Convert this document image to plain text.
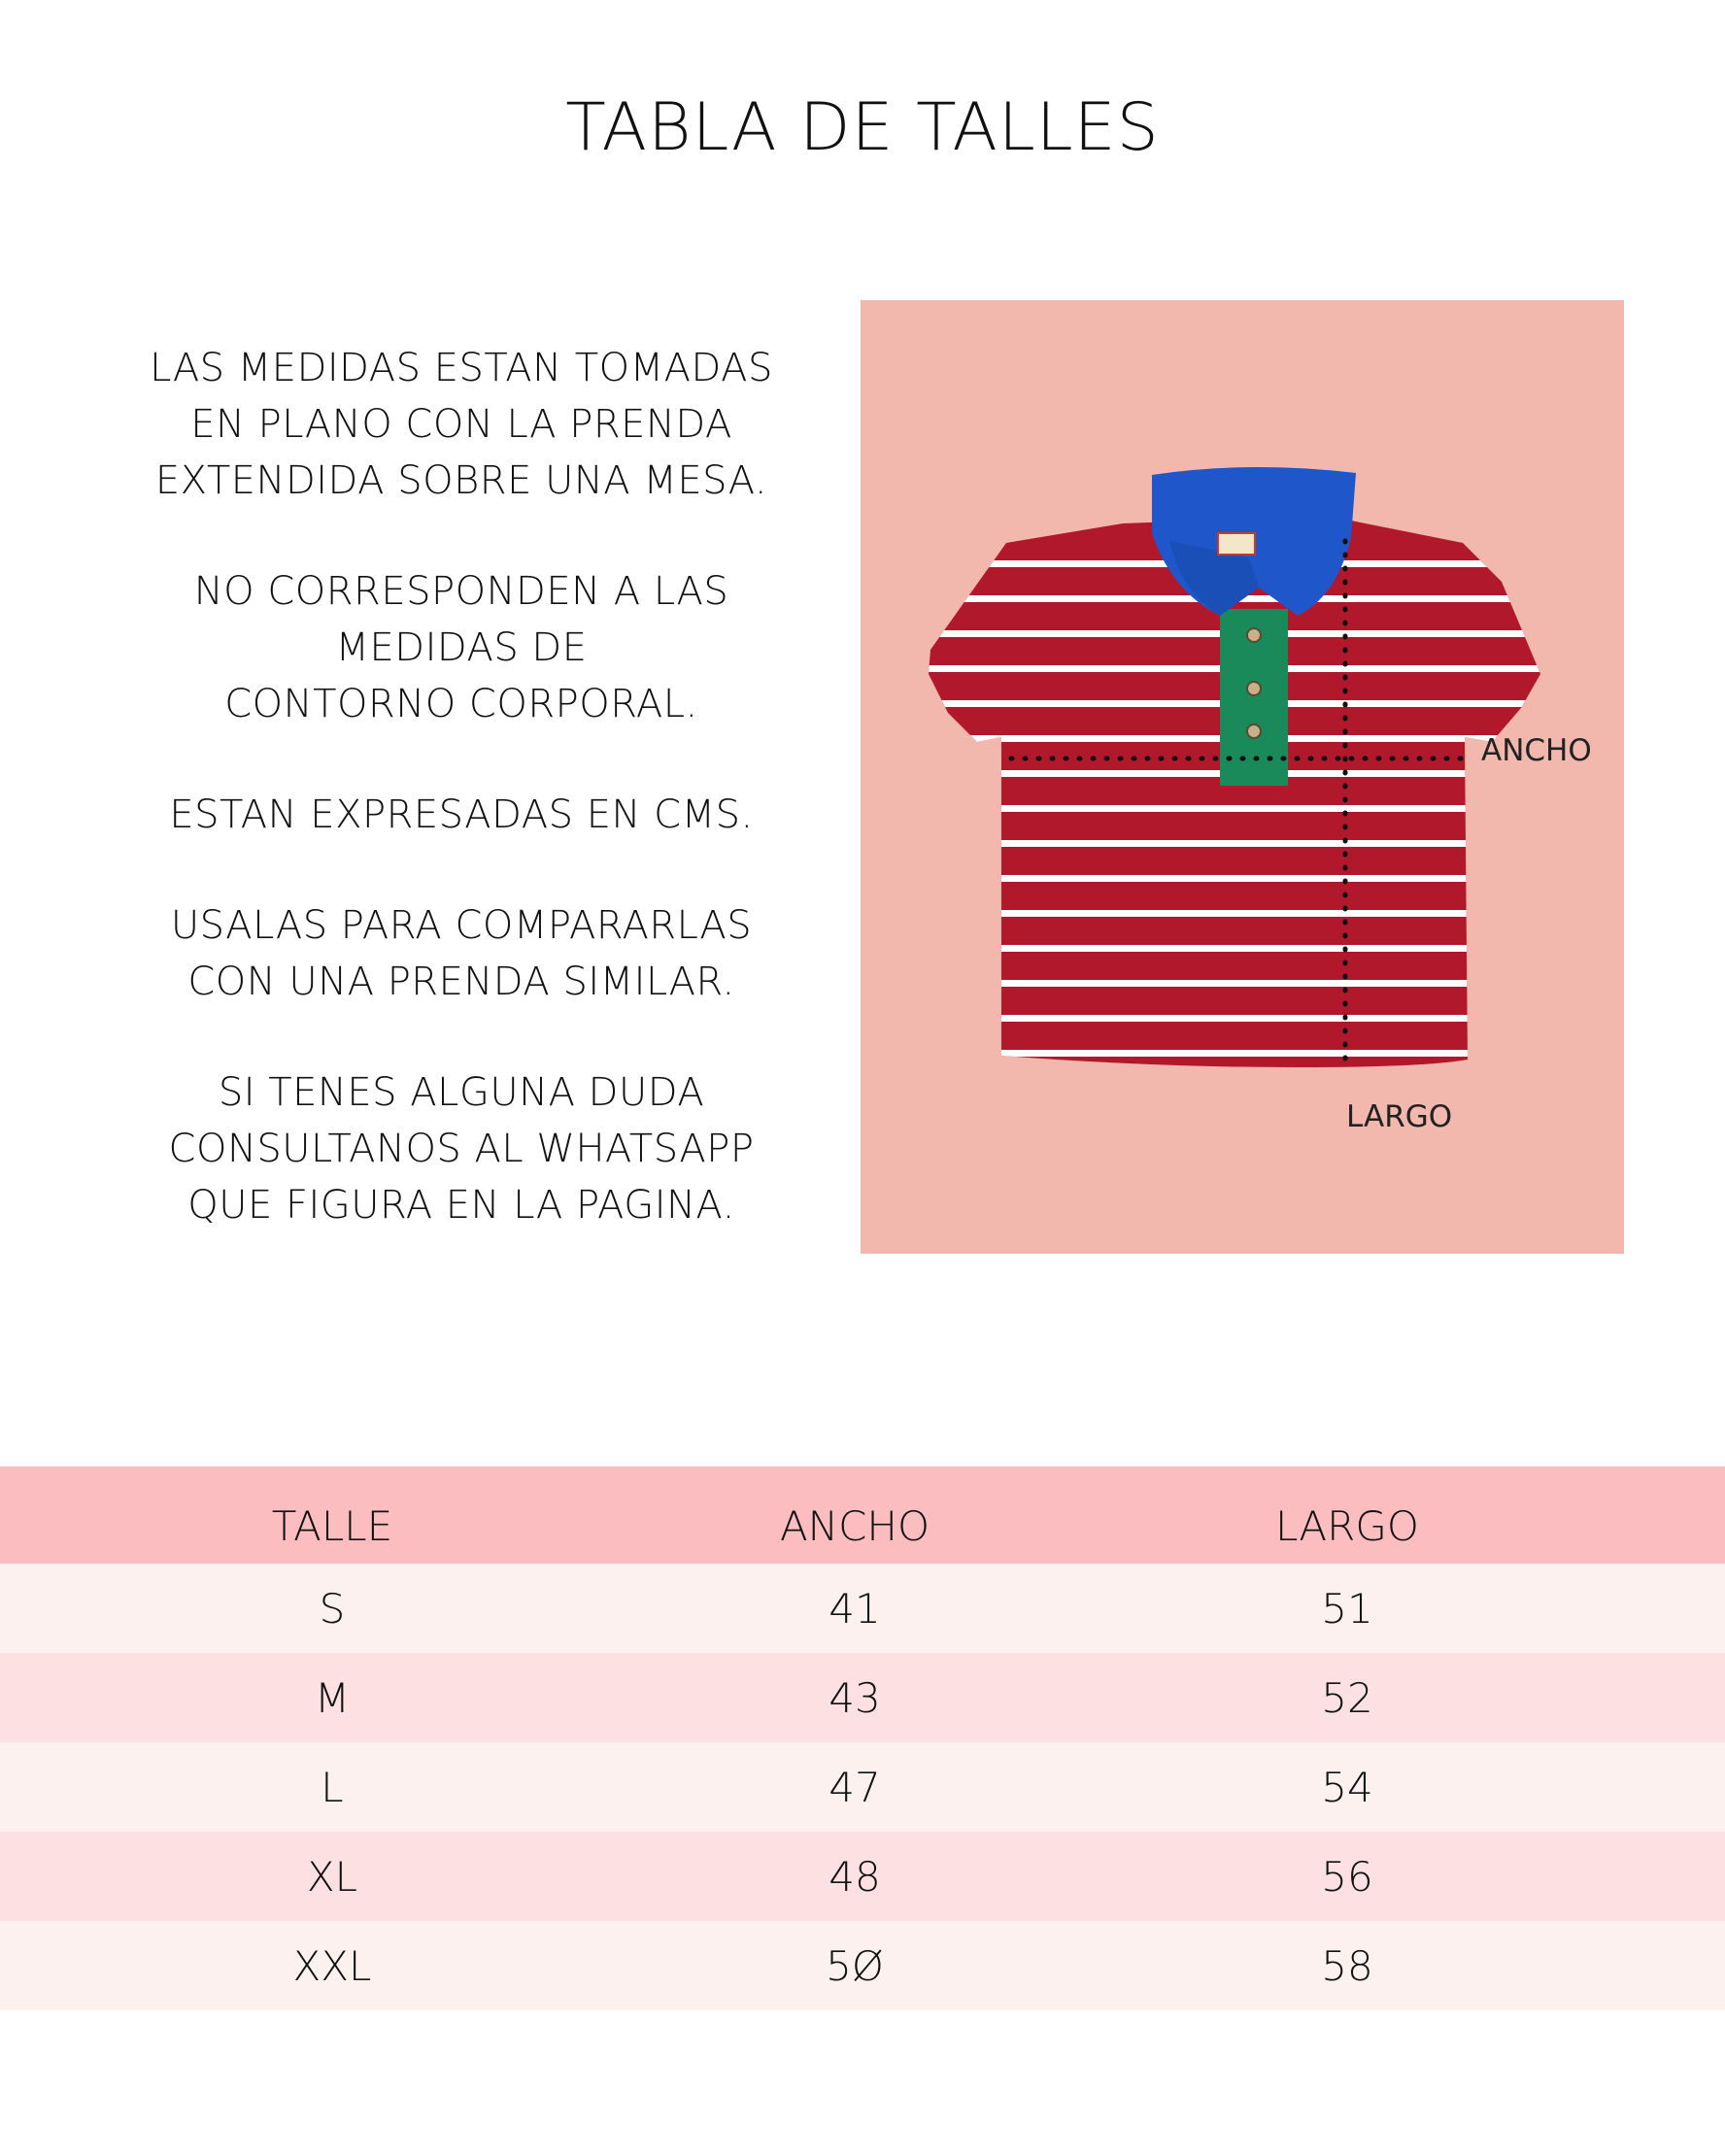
TABLA DE TALLES

LAS MEDIDAS ESTAN TOMADAS
EN PLANO CON LA PRENDA
EXTENDIDA SOBRE UNA MESA.

NO CORRESPONDEN A LAS
MEDIDAS DE
CONTORNO CORPORAL.

ESTAN EXPRESADAS EN CMS.

USALAS PARA COMPARARLAS
CON UNA PRENDA SIMILAR.

SI TENES ALGUNA DUDA
CONSULTANOS AL WHATSAPP
QUE FIGURA EN LA PAGINA.

ANCHO
LARGO
TALLE	ANCHO	LARGO
S	41	51
M	43	52
L	47	54
XL	48	56
XXL	5Ø	58
